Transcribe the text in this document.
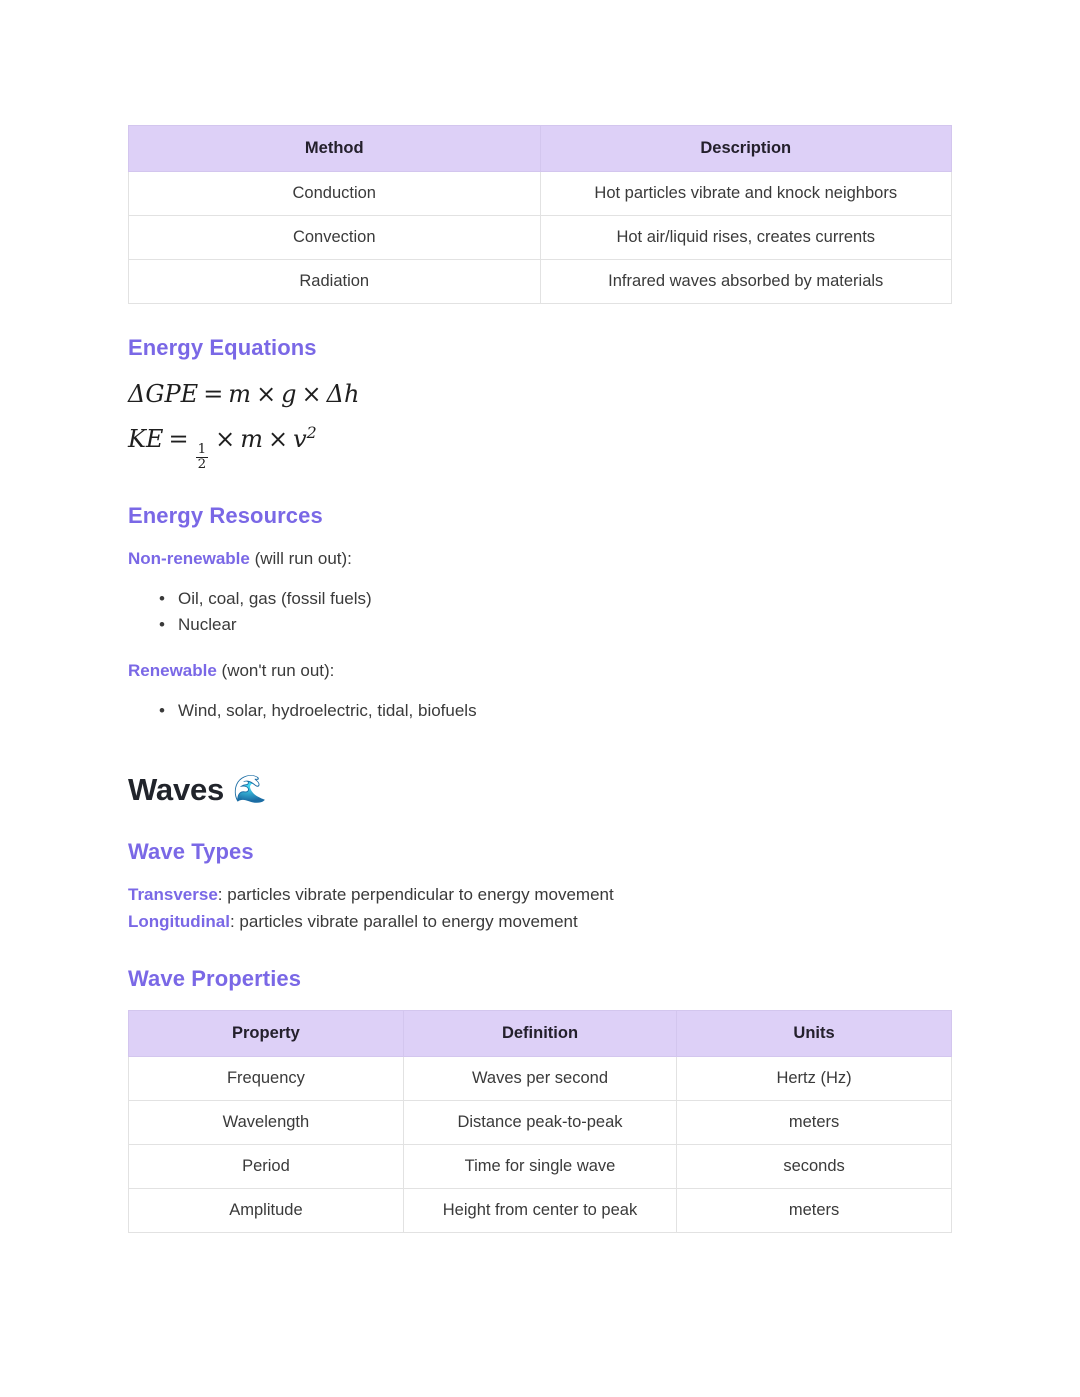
Method	Description
Conduction	Hot particles vibrate and knock neighbors
Convection	Hot air/liquid rises, creates currents
Radiation	Infrared waves absorbed by materials
Energy Equations
ΔGPE = m × g × Δh
KE =
$\frac{1}{2}$
× $m \times v^2$
Energy Resources

Non-renewable (will run out):

• Oil, coal, gas (fossil fuels)
• Nuclear

Renewable (won't run out):

• Wind, solar, hydroelectric, tidal, biofuels
Waves 🌊
Wave Types

Transverse: particles vibrate perpendicular to energy movement

Longitudinal: particles vibrate parallel to energy movement

Wave Properties
Property	Definition	Units
Frequency	Waves per second	Hertz (Hz)
Wavelength	Distance peak-to-peak	meters
Period	Time for single wave	seconds
Amplitude	Height from center to peak	meters
